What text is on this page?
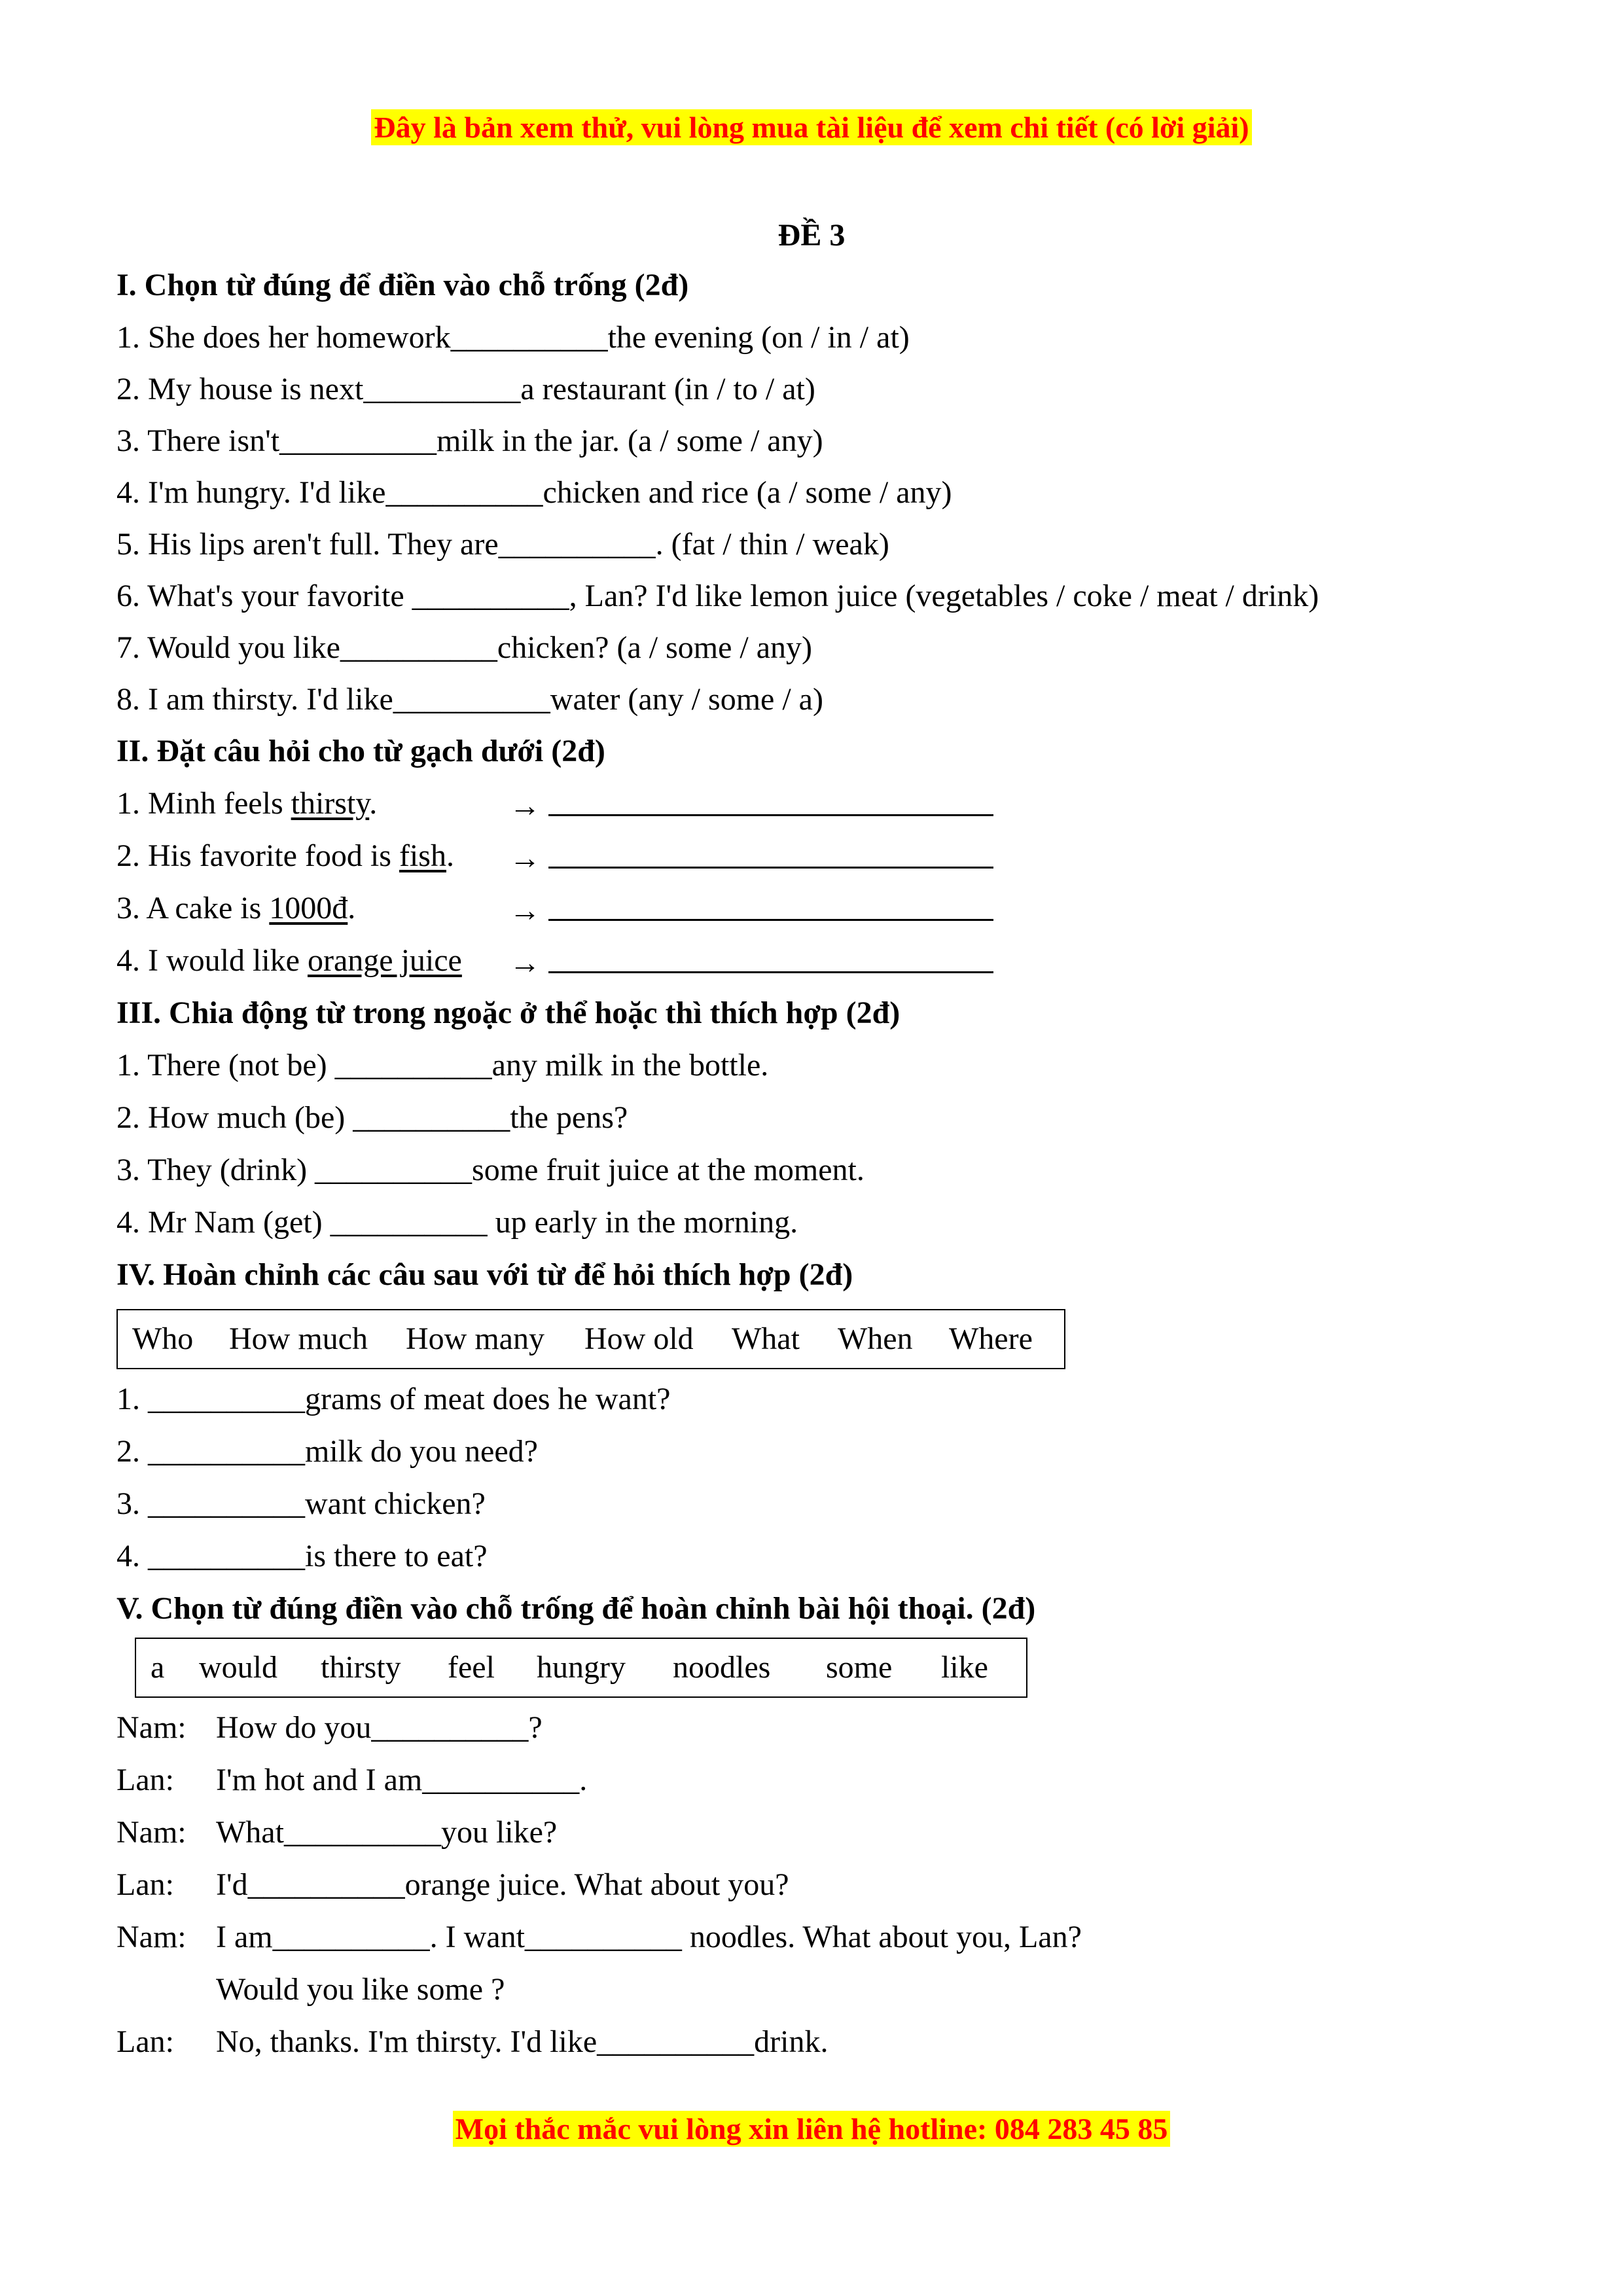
Đây là bản xem thử, vui lòng mua tài liệu để xem chi tiết (có lời giải)
ĐỀ 3
I. Chọn từ đúng để điền vào chỗ trống (2đ)
1. She does her homework__________the evening (on / in / at)
2. My house is next__________a restaurant (in / to / at)
3. There isn't__________milk in the jar. (a / some / any)
4. I'm hungry. I'd like__________chicken and rice (a / some / any)
5. His lips aren't full. They are__________. (fat / thin / weak)
6. What's your favorite __________, Lan? I'd like lemon juice (vegetables / coke / meat / drink)
7. Would you like__________chicken? (a / some / any)
8. I am thirsty. I'd like__________water (any / some / a)
II. Đặt câu hỏi cho từ gạch dưới (2đ)
1. Minh feels thirsty.	→
2. His favorite food is fish. →
3. A cake is 1000đ.	→
4. I would like orange juice →
III. Chia động từ trong ngoặc ở thể hoặc thì thích hợp (2đ)
1. There (not be) __________any milk in the bottle.
2. How much (be) __________the pens?
3. They (drink) __________some fruit juice at the moment.
4. Mr Nam (get) __________ up early in the morning.
IV. Hoàn chỉnh các câu sau với từ để hỏi thích hợp (2đ)
Who How much How many How old What When Where
1. __________grams of meat does he want?
2. __________milk do you need?
3. __________want chicken?
4. __________is there to eat?
V. Chọn từ đúng điền vào chỗ trống để hoàn chỉnh bài hội thoại. (2đ)
a would thirsty feel hungry noodles some like
Nam: How do you__________?
Lan: I'm hot and I am__________.
Nam: What__________you like?
Lan: I'd__________orange juice. What about you?
Nam: I am__________. I want__________ noodles. What about you, Lan?
Would you like some ?
Lan: No, thanks. I'm thirsty. I'd like__________drink.
Mọi thắc mắc vui lòng xin liên hệ hotline: 084 283 45 85
